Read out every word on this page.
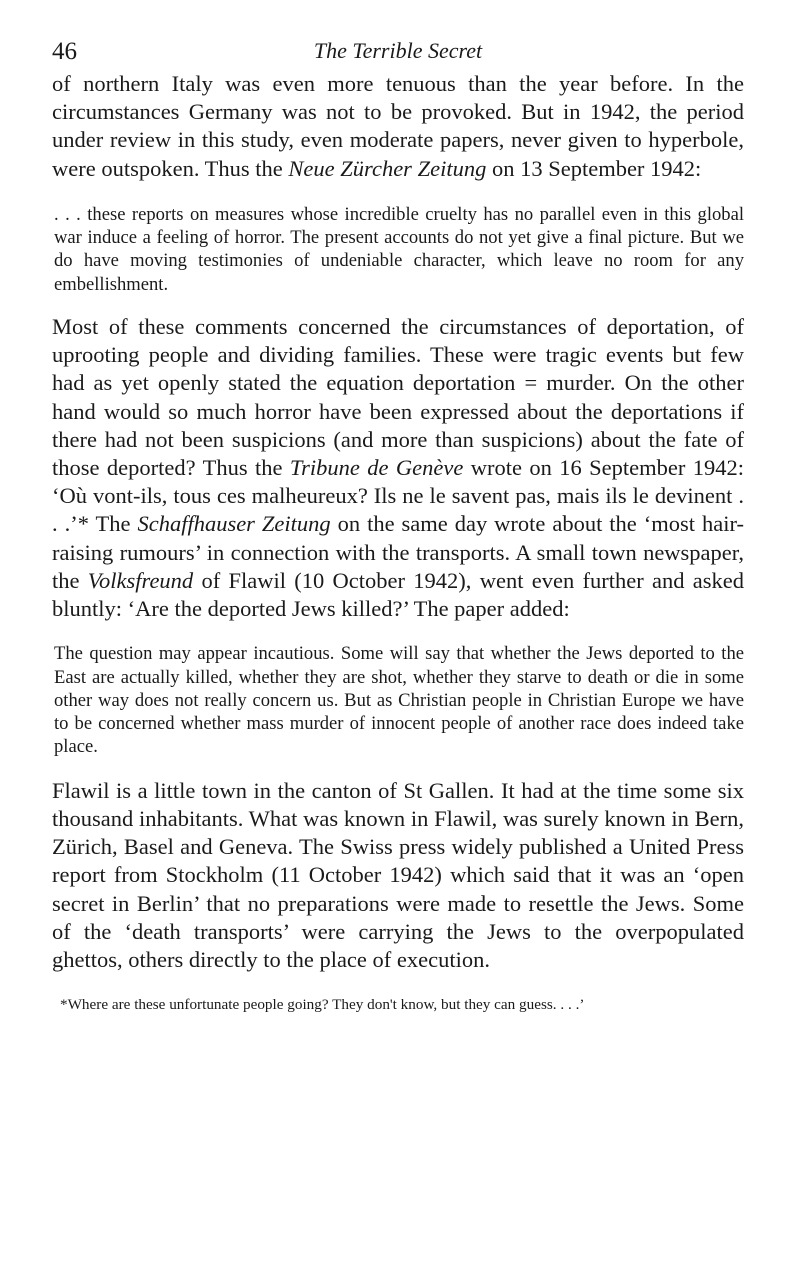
46	The Terrible Secret

of northern Italy was even more tenuous than the year before. In the circumstances Germany was not to be provoked. But in 1942, the period under review in this study, even moderate papers, never given to hyperbole, were outspoken. Thus the Neue Zürcher Zeitung on 13 September 1942:

. . . these reports on measures whose incredible cruelty has no parallel even in this global war induce a feeling of horror. The present accounts do not yet give a final picture. But we do have moving testimonies of undeniable character, which leave no room for any embellishment.

Most of these comments concerned the circumstances of deportation, of uprooting people and dividing families. These were tragic events but few had as yet openly stated the equation deportation = murder. On the other hand would so much horror have been expressed about the deportations if there had not been suspicions (and more than suspicions) about the fate of those deported? Thus the Tribune de Genève wrote on 16 September 1942: ‘Où vont-ils, tous ces malheureux? Ils ne le savent pas, mais ils le devinent . . .’* The Schaffhauser Zeitung on the same day wrote about the ‘most hair-raising rumours’ in connection with the transports. A small town newspaper, the Volksfreund of Flawil (10 October 1942), went even further and asked bluntly: ‘Are the deported Jews killed?’ The paper added:

The question may appear incautious. Some will say that whether the Jews deported to the East are actually killed, whether they are shot, whether they starve to death or die in some other way does not really concern us. But as Christian people in Christian Europe we have to be concerned whether mass murder of innocent people of another race does indeed take place.

Flawil is a little town in the canton of St Gallen. It had at the time some six thousand inhabitants. What was known in Flawil, was surely known in Bern, Zürich, Basel and Geneva. The Swiss press widely published a United Press report from Stockholm (11 October 1942) which said that it was an ‘open secret in Berlin’ that no preparations were made to resettle the Jews. Some of the ‘death transports’ were carrying the Jews to the overpopulated ghettos, others directly to the place of execution.

*Where are these unfortunate people going? They don't know, but they can guess. . . .’
